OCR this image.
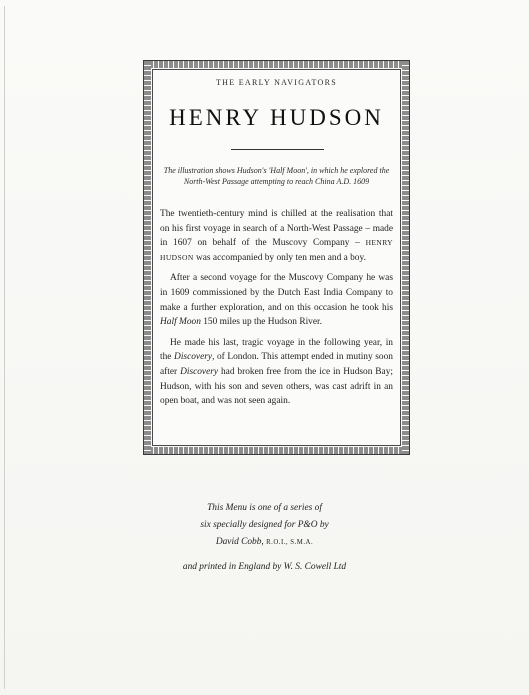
THE EARLY NAVIGATORS
HENRY HUDSON
The illustration shows Hudson's 'Half Moon', in which he explored the
North-West Passage attempting to reach China A.D. 1609

The twentieth-century mind is chilled at the realisation that on his first voyage in search of a North-West Passage – made in 1607 on behalf of the Muscovy Company – HENRY HUDSON was accompanied by only ten men and a boy.

After a second voyage for the Muscovy Company he was in 1609 commissioned by the Dutch East India Company to make a further exploration, and on this occasion he took his Half Moon 150 miles up the Hudson River.

He made his last, tragic voyage in the following year, in the Discovery, of London. This attempt ended in mutiny soon after Discovery had broken free from the ice in Hudson Bay; Hudson, with his son and seven others, was cast adrift in an open boat, and was not seen again.

This Menu is one of a series of
six specially designed for P&O by
David Cobb, R.O.I., S.M.A.
and printed in England by W. S. Cowell Ltd
